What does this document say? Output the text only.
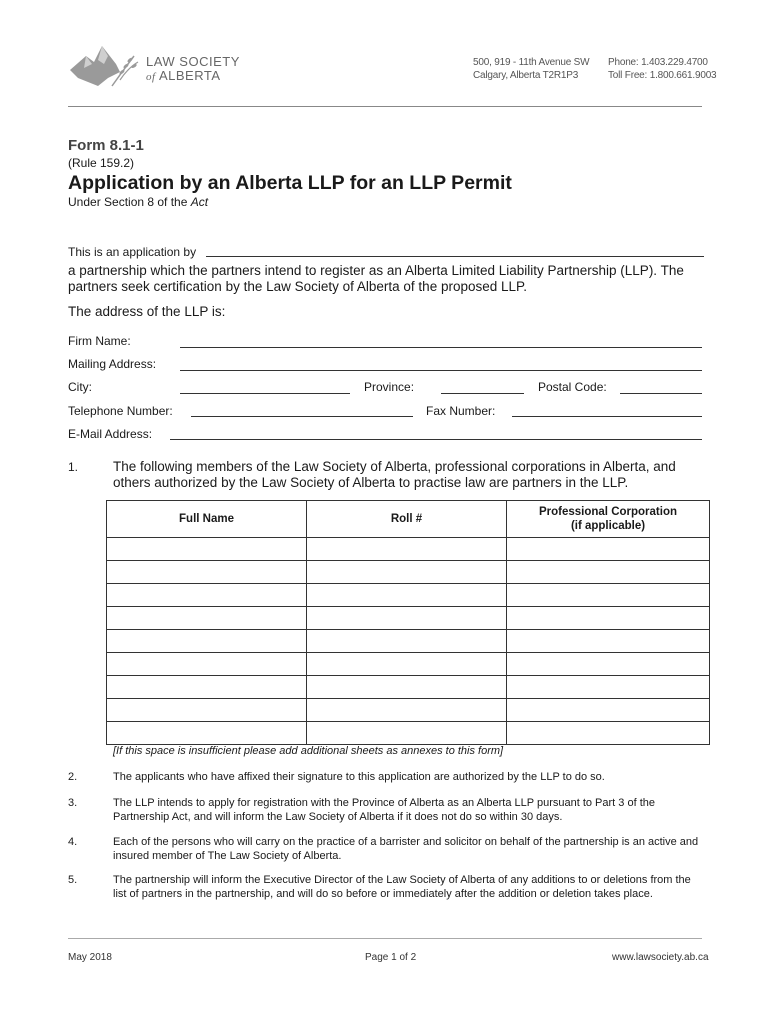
LAW SOCIETY
of ALBERTA
500, 919 - 11th Avenue SW
Calgary, Alberta T2R1P3
Phone: 1.403.229.4700
Toll Free: 1.800.661.9003
Form 8.1-1
(Rule 159.2)
Application by an Alberta LLP for an LLP Permit
Under Section 8 of the Act
This is an application by
a partnership which the partners intend to register as an Alberta Limited Liability Partnership (LLP). The partners seek certification by the Law Society of Alberta of the proposed LLP.
The address of the LLP is:
Firm Name:
Mailing Address:
City:	Province:	Postal Code:
Telephone Number:	Fax Number:
E-Mail Address:
1.	The following members of the Law Society of Alberta, professional corporations in Alberta, and others authorized by the Law Society of Alberta to practise law are partners in the LLP.
Full Name	Roll #	Professional Corporation
(if applicable)

[If this space is insufficient please add additional sheets as annexes to this form]
2.	The applicants who have affixed their signature to this application are authorized by the LLP to do so.
3.	The LLP intends to apply for registration with the Province of Alberta as an Alberta LLP pursuant to Part 3 of the Partnership Act, and will inform the Law Society of Alberta if it does not do so within 30 days.
4.	Each of the persons who will carry on the practice of a barrister and solicitor on behalf of the partnership is an active and insured member of The Law Society of Alberta.
5.	The partnership will inform the Executive Director of the Law Society of Alberta of any additions to or deletions from the list of partners in the partnership, and will do so before or immediately after the addition or deletion takes place.
May 2018	Page 1 of 2	www.lawsociety.ab.ca
